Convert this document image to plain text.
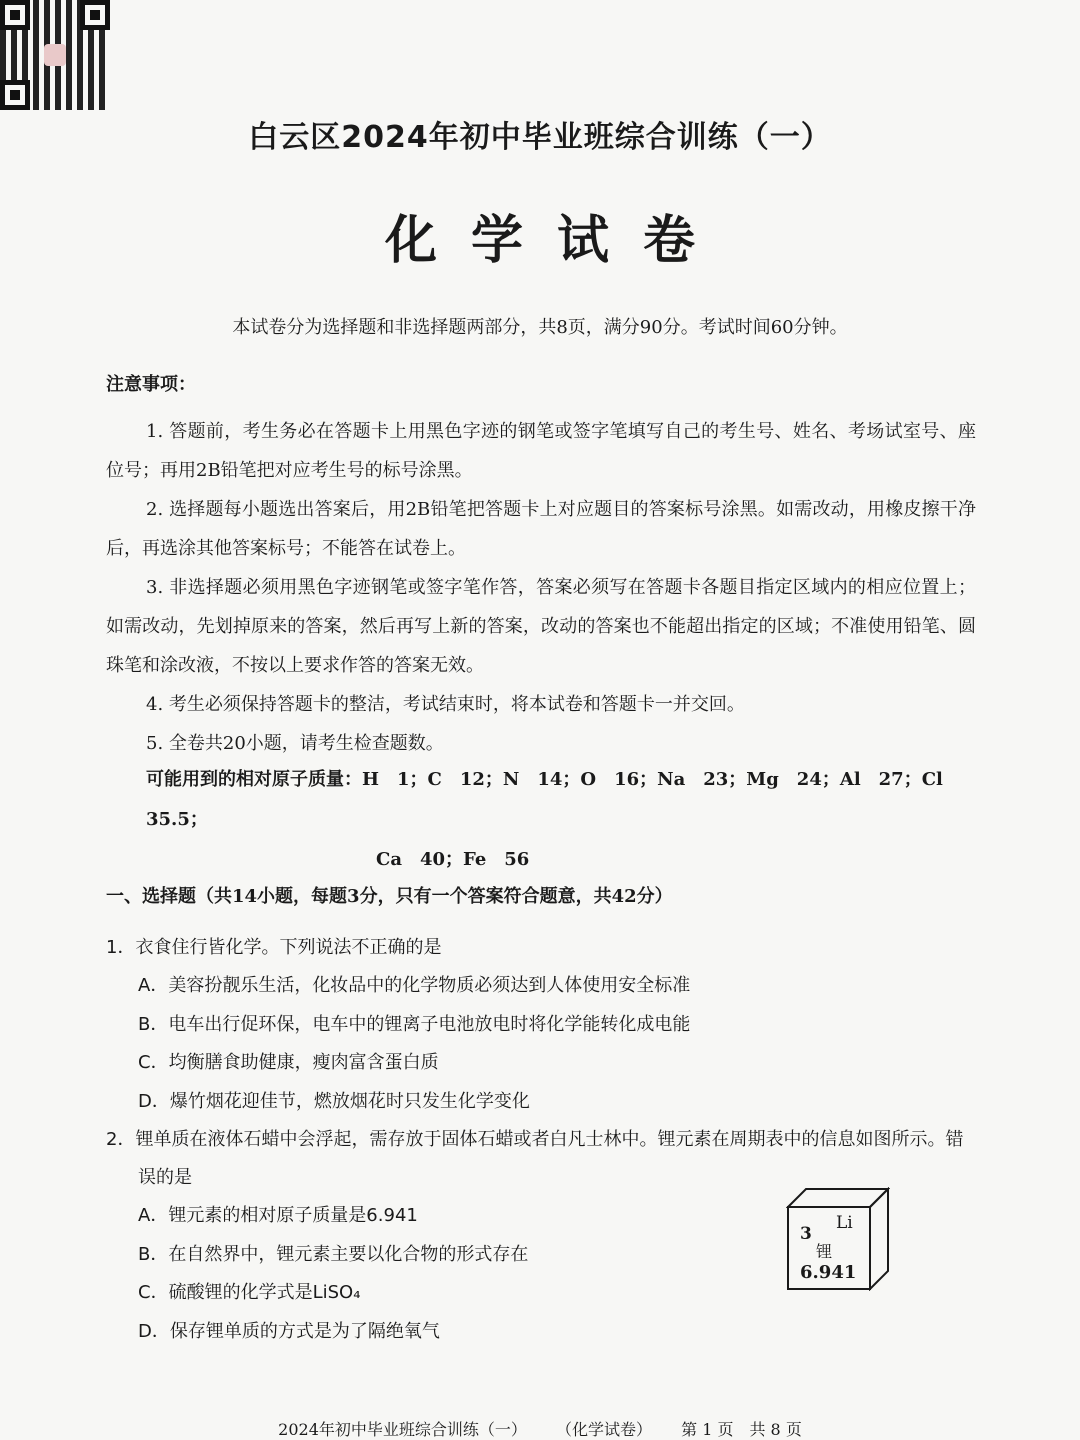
白云区2024年初中毕业班综合训练（一）
化学试卷
本试卷分为选择题和非选择题两部分，共8页，满分90分。考试时间60分钟。
注意事项：

1. 答题前，考生务必在答题卡上用黑色字迹的钢笔或签字笔填写自己的考生号、姓名、考场试室号、座位号；再用2B铅笔把对应考生号的标号涂黑。

2. 选择题每小题选出答案后，用2B铅笔把答题卡上对应题目的答案标号涂黑。如需改动，用橡皮擦干净后，再选涂其他答案标号；不能答在试卷上。

3. 非选择题必须用黑色字迹钢笔或签字笔作答，答案必须写在答题卡各题目指定区域内的相应位置上；如需改动，先划掉原来的答案，然后再写上新的答案，改动的答案也不能超出指定的区域；不准使用铅笔、圆珠笔和涂改液，不按以上要求作答的答案无效。

4. 考生必须保持答题卡的整洁，考试结束时，将本试卷和答题卡一并交回。

5. 全卷共20小题，请考生检查题数。

可能用到的相对原子质量：H　1；C　12；N　14；O　16；Na　23；Mg　24；Al　27；Cl　35.5；
Ca　40；Fe　56
一、选择题（共14小题，每题3分，只有一个答案符合题意，共42分）

1．衣食住行皆化学。下列说法不正确的是

A．美容扮靓乐生活，化妆品中的化学物质必须达到人体使用安全标准

B．电车出行促环保，电车中的锂离子电池放电时将化学能转化成电能

C．均衡膳食助健康，瘦肉富含蛋白质

D．爆竹烟花迎佳节，燃放烟花时只发生化学变化

2．锂单质在液体石蜡中会浮起，需存放于固体石蜡或者白凡士林中。锂元素在周期表中的信息如图所示。错误的是

A．锂元素的相对原子质量是6.941

B．在自然界中，锂元素主要以化合物的形式存在

C．硫酸锂的化学式是LiSO₄

D．保存锂单质的方式是为了隔绝氧气

3
Li
锂
6.941
2024年初中毕业班综合训练（一） （化学试卷） 第 1 页　共 8 页
